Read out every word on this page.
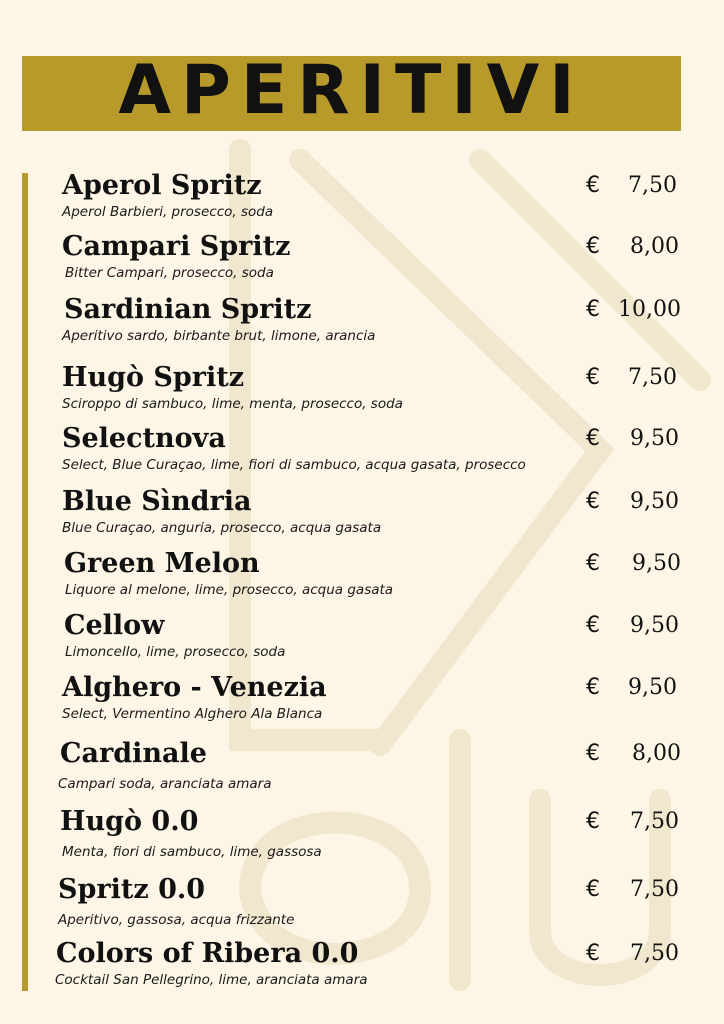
APERITIVI
Aperol Spritz
Aperol Barbieri, prosecco, soda
€	7,50
Campari Spritz
Bitter Campari, prosecco, soda
€	8,00
Sardinian Spritz
Aperitivo sardo, birbante brut, limone, arancia
€ 10,00
Hugò Spritz
Sciroppo di sambuco, lime, menta, prosecco, soda
€	7,50
Selectnova
Select, Blue Curaçao, lime, fiori di sambuco, acqua gasata, prosecco
€	9,50
Blue Sìndria
Blue Curaçao, anguria, prosecco, acqua gasata
€	9,50
Green Melon
Liquore al melone, lime, prosecco, acqua gasata
€	9,50
Cellow
Limoncello, lime, prosecco, soda
€	9,50
Alghero - Venezia
Select, Vermentino Alghero Ala Blanca
€	9,50
Cardinale
Campari soda, aranciata amara
€	8,00
Hugò 0.0
Menta, fiori di sambuco, lime, gassosa
€	7,50
Spritz 0.0
Aperitivo, gassosa, acqua frizzante
€	7,50
Colors of Ribera 0.0
Cocktail San Pellegrino, lime, aranciata amara
€	7,50
